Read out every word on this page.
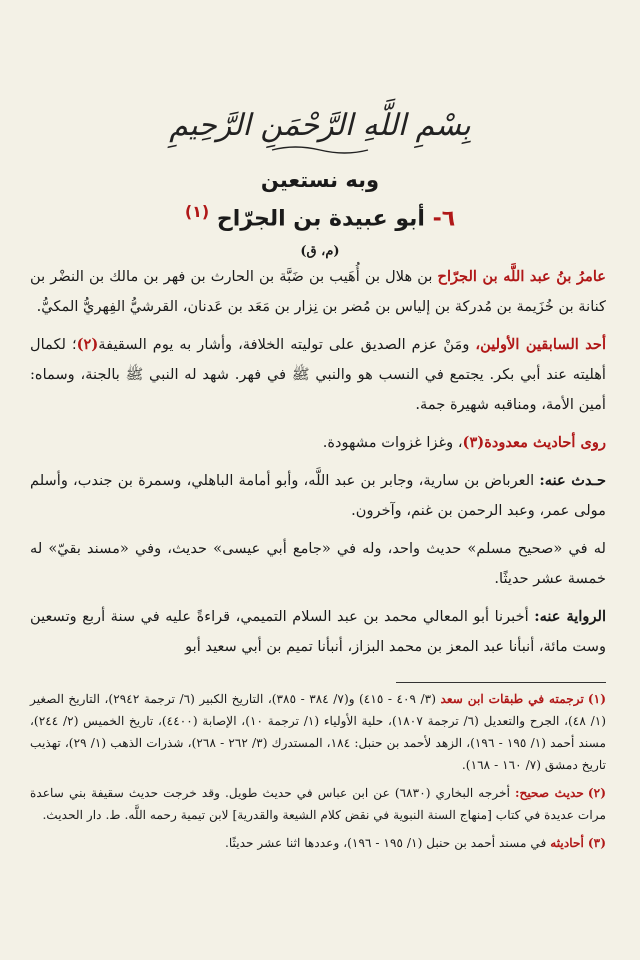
بِسْمِ اللَّهِ الرَّحْمَنِ الرَّحِيمِ
وبه نستعين
٦- أبو عبيدة بن الجرّاح $^{(١)}$
(م، ق)

عامرُ بنُ عبد اللَّه بن الجرّاح بن هلال بن أُهَيب بن ضَبَّة بن الحارث بن فهر بن مالك بن النضْر بن كنانة بن خُزَيمة بن مُدركة بن إلياس بن مُضر بن نِزار بن مَعَد بن عَدنان، القرشيُّ الفِهريُّ المكيُّ.

أحد السابقين الأولين، ومَنْ عزم الصديق على توليته الخلافة، وأشار به يوم السقيفة(٢)؛ لكمال أهليته عند أبي بكر. يجتمع في النسب هو والنبي ﷺ في فهر. شهد له النبي ﷺ بالجنة، وسماه: أمين الأمة، ومناقبه شهيرة جمة.

روى أحاديث معدودة(٣)، وغزا غزوات مشهودة.

حـدث عنه: العرباض بن سارية، وجابر بن عبد اللَّه، وأبو أمامة الباهلي، وسمرة بن جندب، وأسلم مولى عمر، وعبد الرحمن بن غنم، وآخرون.

له في «صحيح مسلم» حديث واحد، وله في «جامع أبي عيسى» حديث، وفي «مسند بقيّ» له خمسة عشر حديثًا.

الرواية عنه: أخبرنا أبو المعالي محمد بن عبد السلام التميمي، قراءةً عليه في سنة أربع وتسعين وست مائة، أنبأنا عبد المعز بن محمد البزاز، أنبأنا تميم بن أبي سعيد أبو

(١)ترجمته في طبقات ابن سعد (٣/ ٤٠٩ - ٤١٥) و(٧/ ٣٨٤ - ٣٨٥)، التاريخ الكبير (٦/ ترجمة ٢٩٤٢)، التاريخ الصغير (١/ ٤٨)، الجرح والتعديل (٦/ ترجمة ١٨٠٧)، حلية الأولياء (١/ ترجمة ١٠)، الإصابة (٤٤٠٠)، تاريخ الخميس (٢/ ٢٤٤)، مسند أحمد (١/ ١٩٥ - ١٩٦)، الزهد لأحمد بن حنبل: ١٨٤، المستدرك (٣/ ٢٦٢ - ٢٦٨)، شذرات الذهب (١/ ٢٩)، تهذيب تاريخ دمشق (٧/ ١٦٠ - ١٦٨).

(٢)حديث صحيح: أخرجه البخاري (٦٨٣٠) عن ابن عباس في حديث طويل. وقد خرجت حديث سقيفة بني ساعدة مرات عديدة في كتاب [منهاج السنة النبوية في نقض كلام الشيعة والقدرية] لابن تيمية رحمه اللَّه. ط. دار الحديث.

(٣)أحاديثه في مسند أحمد بن حنبل (١/ ١٩٥ - ١٩٦)، وعددها اثنا عشر حديثًا.
